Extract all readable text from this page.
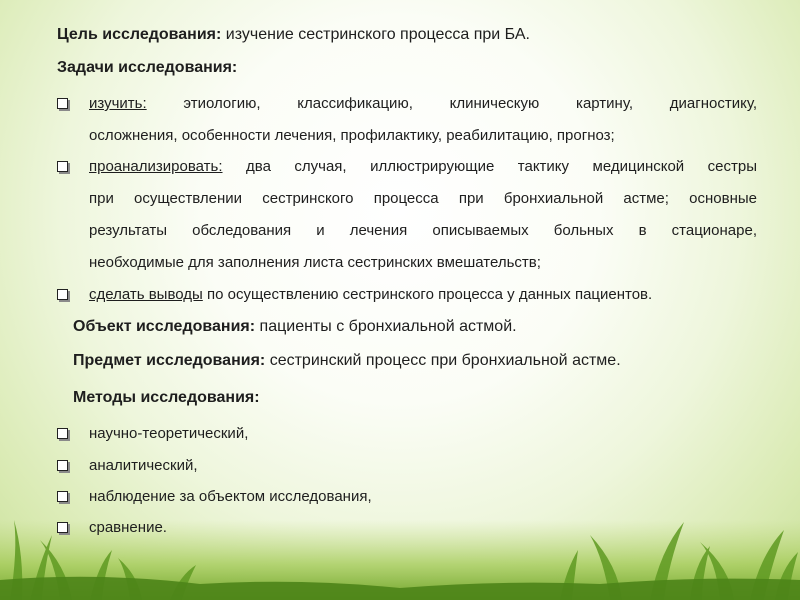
Цель исследования: изучение сестринского процесса при БА.
Задачи исследования:
изучить: этиологию, классификацию, клиническую картину, диагностику,
осложнения, особенности лечения, профилактику, реабилитацию, прогноз;
проанализировать: два случая, иллюстрирующие тактику медицинской сестры
при осуществлении сестринского процесса при бронхиальной астме; основные
результаты обследования и лечения описываемых больных в стационаре,
необходимые для заполнения листа сестринских вмешательств;
сделать выводы по осуществлению сестринского процесса у данных пациентов.
Объект исследования: пациенты с бронхиальной астмой.
Предмет исследования: сестринский процесс при бронхиальной астме.
Методы исследования:
научно-теоретический,
аналитический,
наблюдение за объектом исследования,
сравнение.
